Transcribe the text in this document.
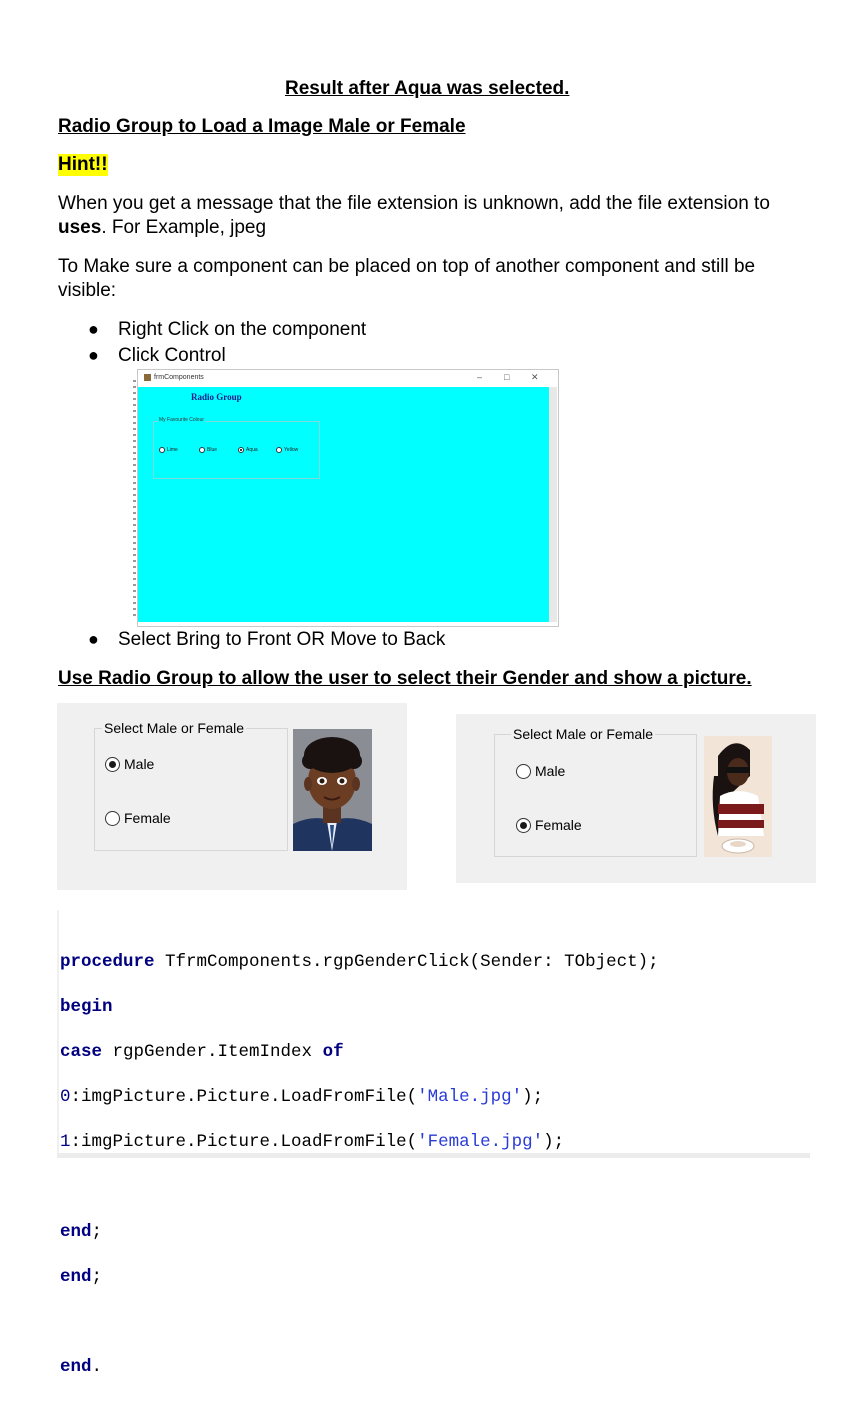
Result after Aqua was selected.
Radio Group to Load a Image Male or Female
Hint!!
When you get a message that the file extension is unknown, add the file extension to
uses. For Example, jpeg
To Make sure a component can be placed on top of another component and still be
visible:
● Right Click on the component
● Click Control
frmComponents	– □ ✕
Radio Group
My Favourite Colour
Lime	Blue	Aqua	Yellow
● Select Bring to Front OR Move to Back
Use Radio Group to allow the user to select their Gender and show a picture.
Select Male or Female
Male
Female
Select Male or Female
Male
Female

procedure TfrmComponents.rgpGenderClick(Sender: TObject);

begin

case rgpGender.ItemIndex of

0:imgPicture.Picture.LoadFromFile('Male.jpg');

1:imgPicture.Picture.LoadFromFile('Female.jpg');

end;

end;

end.
